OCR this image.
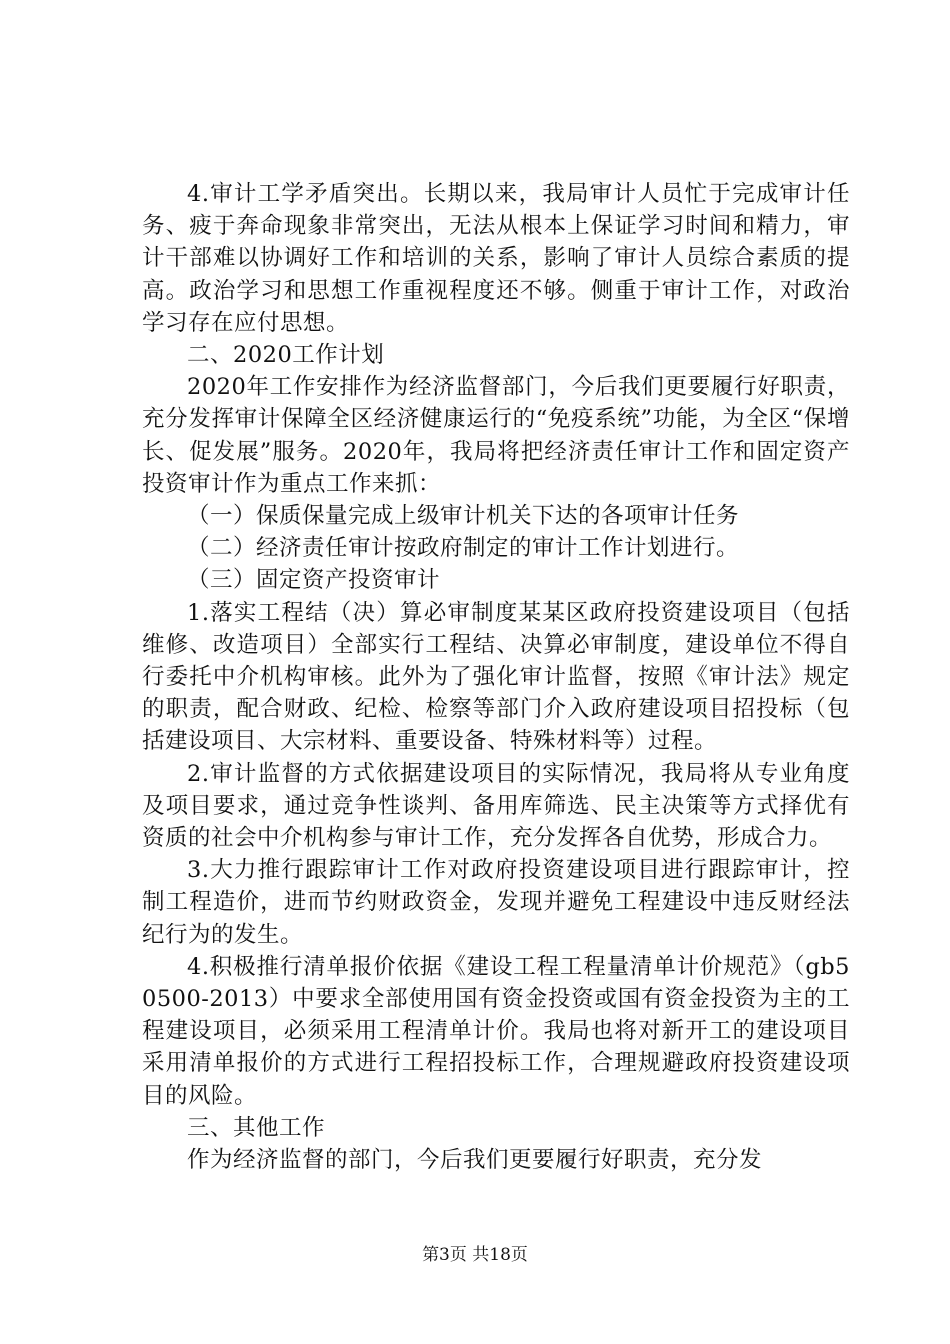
4.审计工学矛盾突出。长期以来，我局审计人员忙于完成审计任务、疲于奔命现象非常突出，无法从根本上保证学习时间和精力，审计干部难以协调好工作和培训的关系，影响了审计人员综合素质的提高。政治学习和思想工作重视程度还不够。侧重于审计工作，对政治学习存在应付思想。

二、2020工作计划

2020年工作安排作为经济监督部门，今后我们更要履行好职责，充分发挥审计保障全区经济健康运行的“免疫系统”功能，为全区“保增长、促发展”服务。2020年，我局将把经济责任审计工作和固定资产投资审计作为重点工作来抓：

（一）保质保量完成上级审计机关下达的各项审计任务

（二）经济责任审计按政府制定的审计工作计划进行。

（三）固定资产投资审计

1.落实工程结（决）算必审制度某某区政府投资建设项目（包括维修、改造项目）全部实行工程结、决算必审制度，建设单位不得自行委托中介机构审核。此外为了强化审计监督，按照《审计法》规定的职责，配合财政、纪检、检察等部门介入政府建设项目招投标（包括建设项目、大宗材料、重要设备、特殊材料等）过程。

2.审计监督的方式依据建设项目的实际情况，我局将从专业角度及项目要求，通过竞争性谈判、备用库筛选、民主决策等方式择优有资质的社会中介机构参与审计工作，充分发挥各自优势，形成合力。

3.大力推行跟踪审计工作对政府投资建设项目进行跟踪审计，控制工程造价，进而节约财政资金，发现并避免工程建设中违反财经法纪行为的发生。

4.积极推行清单报价依据《建设工程工程量清单计价规范》（gb50500-2013）中要求全部使用国有资金投资或国有资金投资为主的工程建设项目，必须采用工程清单计价。我局也将对新开工的建设项目采用清单报价的方式进行工程招投标工作，合理规避政府投资建设项目的风险。

三、其他工作

作为经济监督的部门，今后我们更要履行好职责，充分发

第3页 共18页
